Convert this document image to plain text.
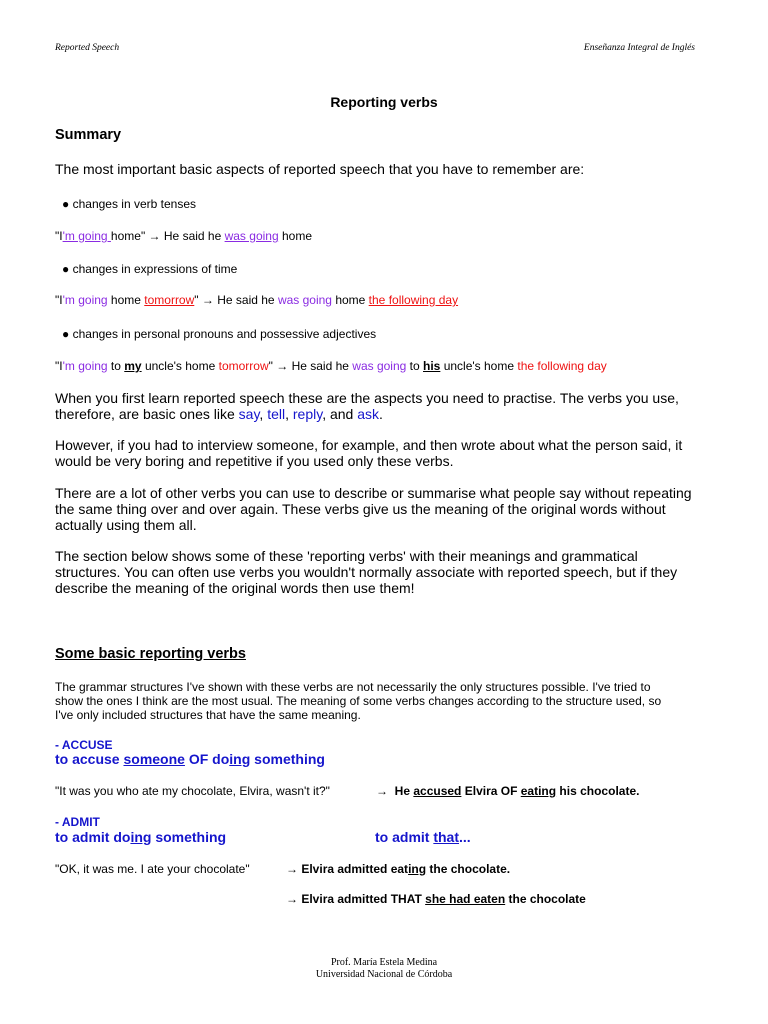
Reported Speech	Enseñanza Integral de Inglés
Reporting verbs
Summary
The most important basic aspects of reported speech that you have to remember are:
● changes in verb tenses
"I'm going home" → He said he was going home
● changes in expressions of time
"I'm going home tomorrow" → He said he was going home the following day
● changes in personal pronouns and possessive adjectives
"I'm going to my uncle's home tomorrow" → He said he was going to his uncle's home the following day
When you first learn reported speech these are the aspects you need to practise. The verbs you use,
therefore, are basic ones like say, tell, reply, and ask.
However, if you had to interview someone, for example, and then wrote about what the person said, it
would be very boring and repetitive if you used only these verbs.
There are a lot of other verbs you can use to describe or summarise what people say without repeating
the same thing over and over again. These verbs give us the meaning of the original words without
actually using them all.
The section below shows some of these 'reporting verbs' with their meanings and grammatical
structures. You can often use verbs you wouldn't normally associate with reported speech, but if they
describe the meaning of the original words then use them!
Some basic reporting verbs
The grammar structures I've shown with these verbs are not necessarily the only structures possible. I've tried to
show the ones I think are the most usual. The meaning of some verbs changes according to the structure used, so
I've only included structures that have the same meaning.
- ACCUSE
to accuse someone OF doing something
"It was you who ate my chocolate, Elvira, wasn't it?"	→ He accused Elvira OF eating his chocolate.
- ADMIT
to admit doing something	to admit that...
"OK, it was me. I ate your chocolate"	→ Elvira admitted eating the chocolate.
→ Elvira admitted THAT she had eaten the chocolate
Prof. María Estela Medina
Universidad Nacional de Córdoba
